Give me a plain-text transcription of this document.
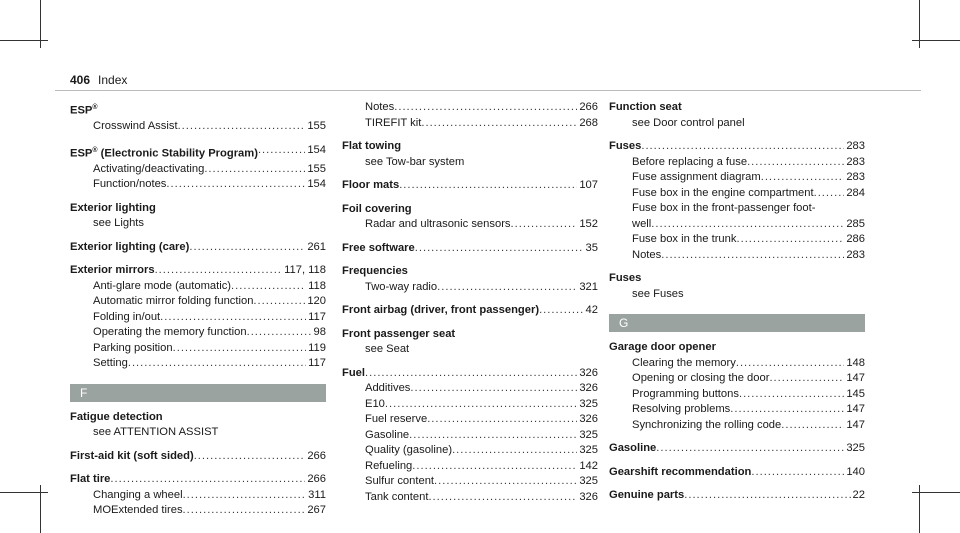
406 Index
ESP®
Crosswind Assist .....	155
ESP® (Electronic Stability Program) .....	154
Activating/deactivating .....	155
Function/notes .....	154
Exterior lighting
see Lights
Exterior lighting (care) .....	261
Exterior mirrors .....	117, 118
Anti-glare mode (automatic) .....	118
Automatic mirror folding function .....	120
Folding in/out .....	117
Operating the memory function .....	98
Parking position .....	119
Setting .....	117
F
Fatigue detection
see ATTENTION ASSIST
First-aid kit (soft sided) .....	266
Flat tire .....	266
Changing a wheel .....	311
MOExtended tires .....	267
Notes .....	266
TIREFIT kit .....	268
Flat towing
see Tow-bar system
Floor mats .....	107
Foil covering
Radar and ultrasonic sensors .....	152
Free software .....	35
Frequencies
Two-way radio .....	321
Front airbag (driver, front passenger) .....	42
Front passenger seat
see Seat
Fuel .....	326
Additives .....	326
E10 .....	325
Fuel reserve .....	326
Gasoline .....	325
Quality (gasoline) .....	325
Refueling .....	142
Sulfur content .....	325
Tank content .....	326
Function seat
see Door control panel
Fuses .....	283
Before replacing a fuse .....	283
Fuse assignment diagram .....	283
Fuse box in the engine compartment .....	284
Fuse box in the front-passenger foot-
well .....	285
Fuse box in the trunk .....	286
Notes .....	283
Fuses
see Fuses
G
Garage door opener
Clearing the memory .....	148
Opening or closing the door .....	147
Programming buttons .....	145
Resolving problems .....	147
Synchronizing the rolling code .....	147
Gasoline .....	325
Gearshift recommendation .....	140
Genuine parts .....	22
